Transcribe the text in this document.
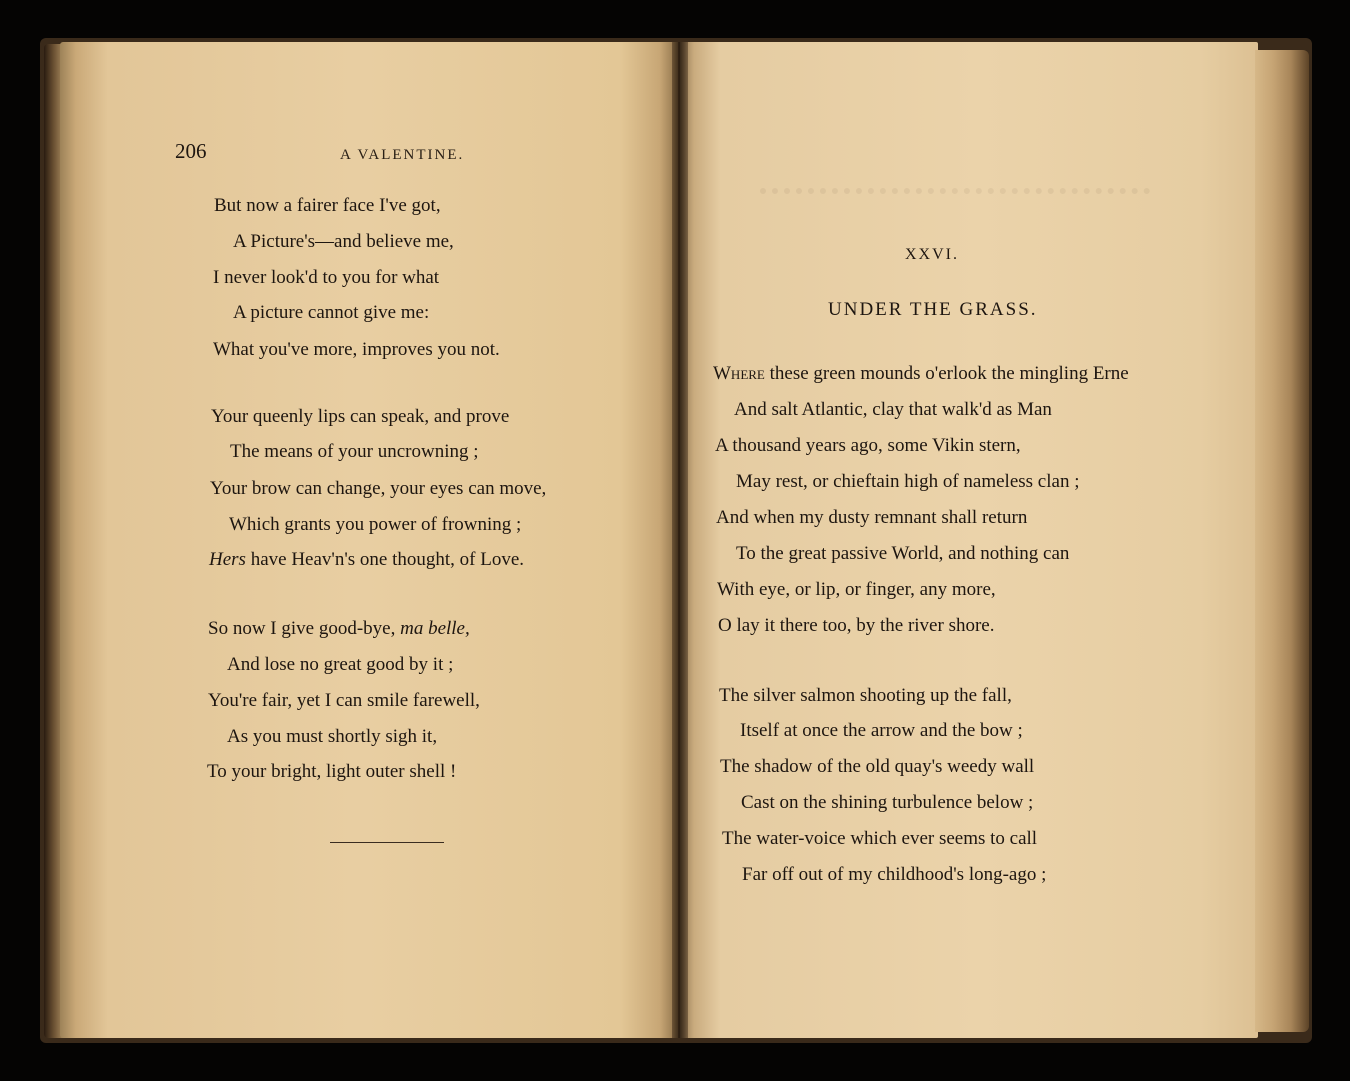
206	A VALENTINE.
But now a fairer face I've got,
A Picture's—and believe me,
I never look'd to you for what
A picture cannot give me:
What you've more, improves you not.
Your queenly lips can speak, and prove
The means of your uncrowning ;
Your brow can change, your eyes can move,
Which grants you power of frowning ;
Hers have Heav'n's one thought, of Love.
So now I give good-bye, ma belle,
And lose no great good by it ;
You're fair, yet I can smile farewell,
As you must shortly sigh it,
To your bright, light outer shell !
XXVI.
UNDER THE GRASS.
Where these green mounds o'erlook the mingling Erne
And salt Atlantic, clay that walk'd as Man
A thousand years ago, some Vikin stern,
May rest, or chieftain high of nameless clan ;
And when my dusty remnant shall return
To the great passive World, and nothing can
With eye, or lip, or finger, any more,
O lay it there too, by the river shore.
The silver salmon shooting up the fall,
Itself at once the arrow and the bow ;
The shadow of the old quay's weedy wall
Cast on the shining turbulence below ;
The water-voice which ever seems to call
Far off out of my childhood's long-ago ;
